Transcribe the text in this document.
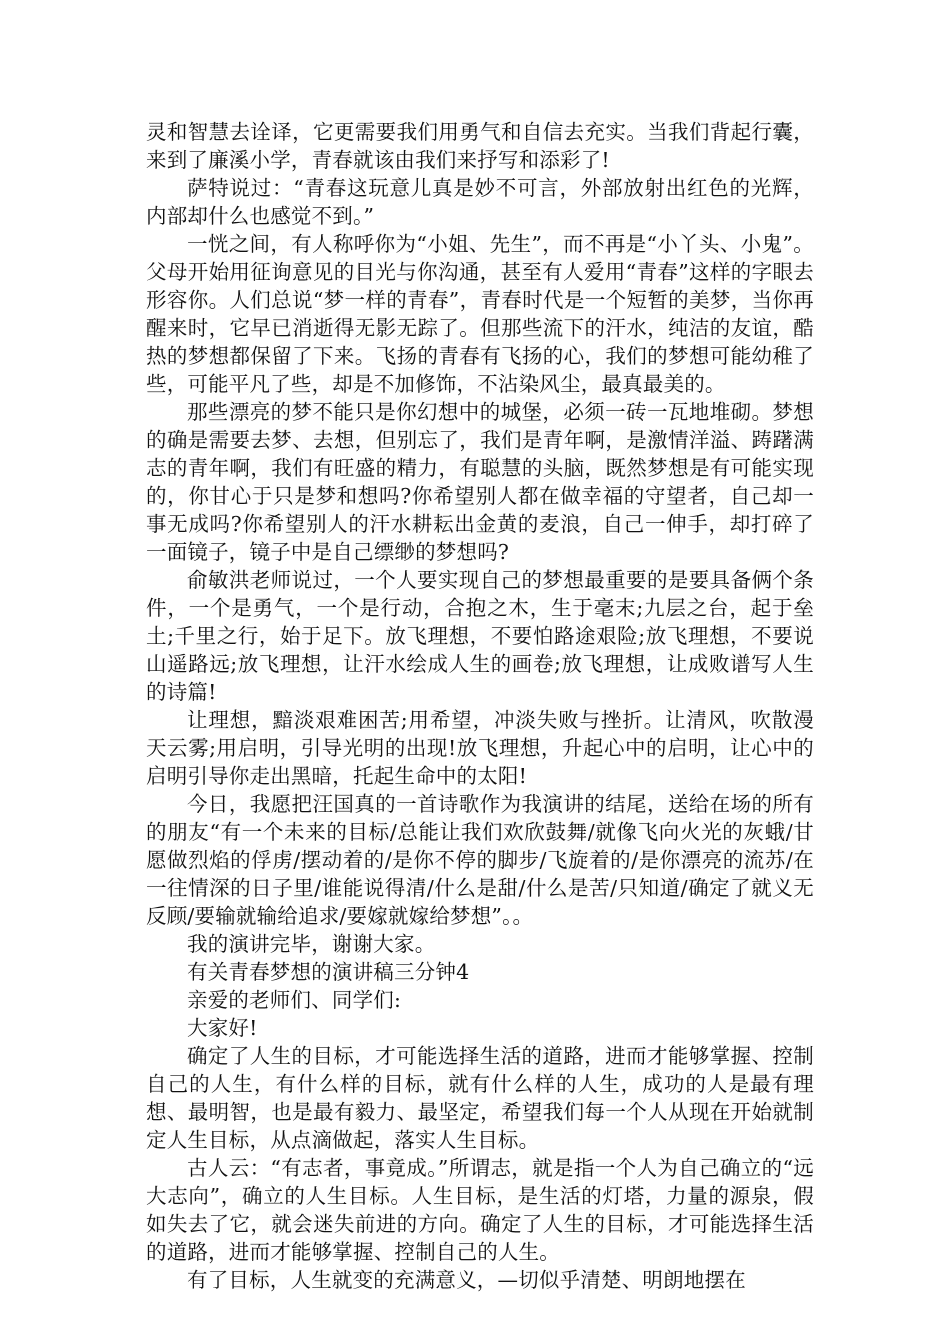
灵和智慧去诠译，它更需要我们用勇气和自信去充实。当我们背起行囊，来到了廉溪小学，青春就该由我们来抒写和添彩了!

萨特说过：“青春这玩意儿真是妙不可言，外部放射出红色的光辉，内部却什么也感觉不到。”

一恍之间，有人称呼你为“小姐、先生”，而不再是“小丫头、小鬼”。父母开始用征询意见的目光与你沟通，甚至有人爱用“青春”这样的字眼去形容你。人们总说“梦一样的青春”，青春时代是一个短暂的美梦，当你再醒来时，它早已消逝得无影无踪了。但那些流下的汗水，纯洁的友谊，酷热的梦想都保留了下来。飞扬的青春有飞扬的心，我们的梦想可能幼稚了些，可能平凡了些，却是不加修饰，不沾染风尘，最真最美的。

那些漂亮的梦不能只是你幻想中的城堡，必须一砖一瓦地堆砌。梦想的确是需要去梦、去想，但别忘了，我们是青年啊，是激情洋溢、踌躇满志的青年啊，我们有旺盛的精力，有聪慧的头脑，既然梦想是有可能实现的，你甘心于只是梦和想吗?你希望别人都在做幸福的守望者，自己却一事无成吗?你希望别人的汗水耕耘出金黄的麦浪，自己一伸手，却打碎了一面镜子，镜子中是自己缥缈的梦想吗?

俞敏洪老师说过，一个人要实现自己的梦想最重要的是要具备俩个条件，一个是勇气，一个是行动，合抱之木，生于毫末;九层之台，起于垒土;千里之行，始于足下。放飞理想，不要怕路途艰险;放飞理想，不要说山遥路远;放飞理想，让汗水绘成人生的画卷;放飞理想，让成败谱写人生的诗篇!

让理想，黯淡艰难困苦;用希望，冲淡失败与挫折。让清风，吹散漫天云雾;用启明，引导光明的出现!放飞理想，升起心中的启明，让心中的启明引导你走出黑暗，托起生命中的太阳!

今日，我愿把汪国真的一首诗歌作为我演讲的结尾，送给在场的所有的朋友“有一个未来的目标/总能让我们欢欣鼓舞/就像飞向火光的灰蛾/甘愿做烈焰的俘虏/摆动着的/是你不停的脚步/飞旋着的/是你漂亮的流苏/在一往情深的日子里/谁能说得清/什么是甜/什么是苦/只知道/确定了就义无反顾/要输就输给追求/要嫁就嫁给梦想”。。

我的演讲完毕，谢谢大家。

有关青春梦想的演讲稿三分钟4

亲爱的老师们、同学们:

大家好!

确定了人生的目标，才可能选择生活的道路，进而才能够掌握、控制自己的人生，有什么样的目标，就有什么样的人生，成功的人是最有理想、最明智，也是最有毅力、最坚定，希望我们每一个人从现在开始就制定人生目标，从点滴做起，落实人生目标。

古人云：“有志者，事竟成。”所谓志，就是指一个人为自己确立的“远大志向”，确立的人生目标。人生目标，是生活的灯塔，力量的源泉，假如失去了它，就会迷失前进的方向。确定了人生的目标，才可能选择生活的道路，进而才能够掌握、控制自己的人生。

有了目标，人生就变的充满意义，—切似乎清楚、明朗地摆在
